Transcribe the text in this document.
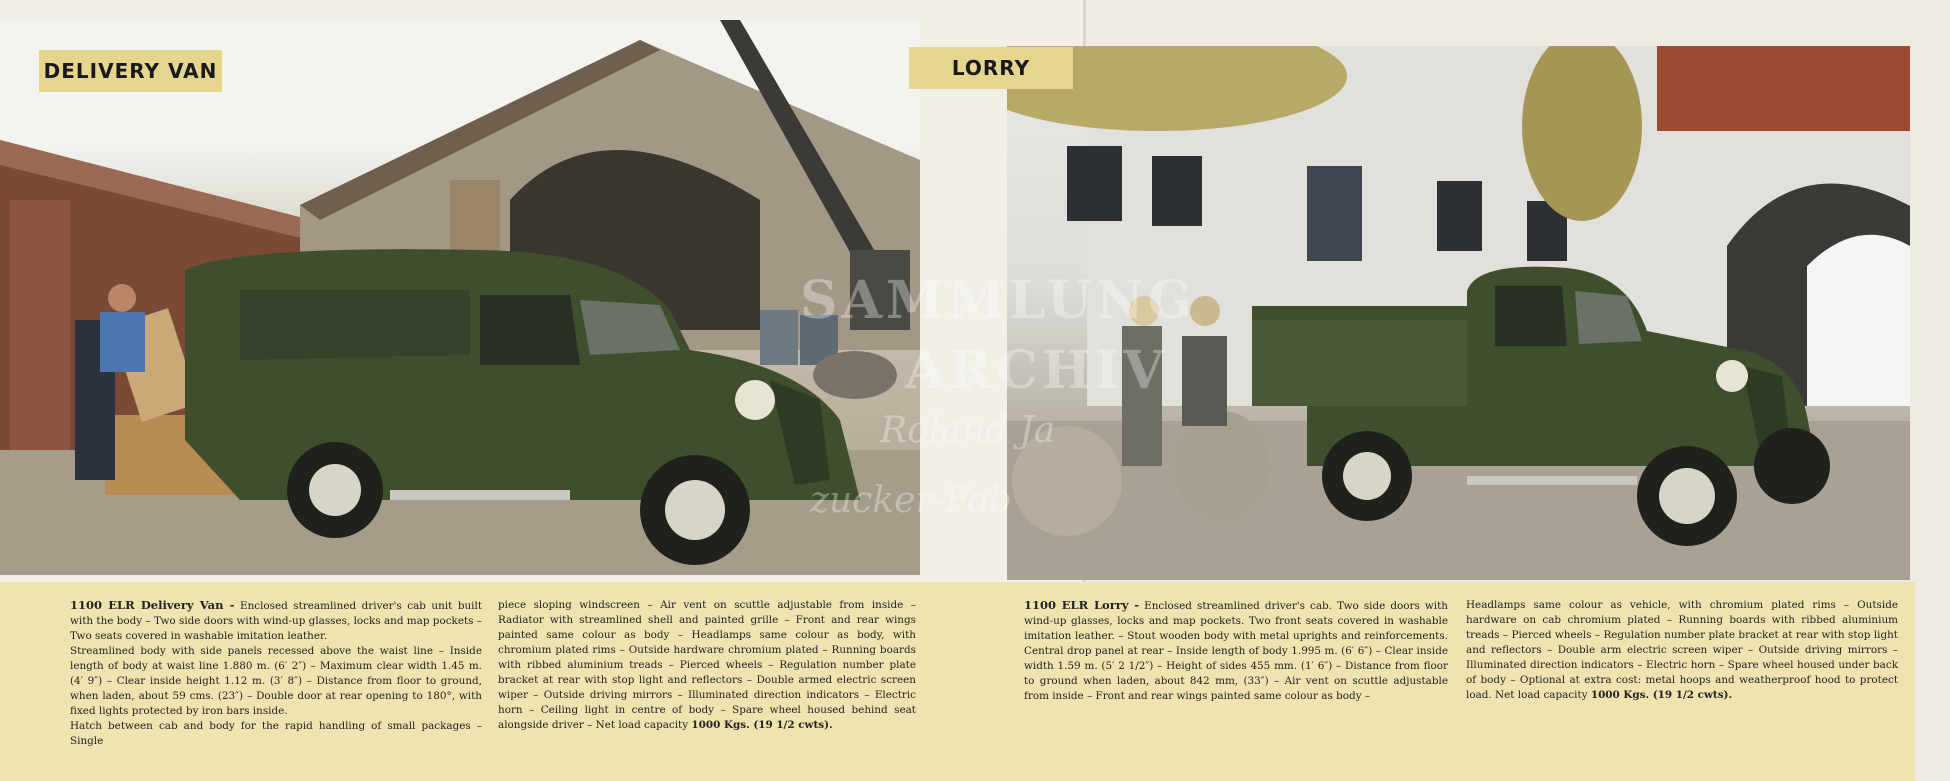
DELIVERY VAN	LORRY
SAMMLUNG
ARCHIV
Roland Ja
zucker-Fab

1100 ELR Delivery Van - Enclosed streamlined driver's cab unit built with the body – Two side doors with wind-up glasses, locks and map pockets – Two seats covered in washable imitation leather.

Streamlined body with side panels recessed above the waist line – Inside length of body at waist line 1.880 m. (6′ 2″) – Maximum clear width 1.45 m. (4′ 9″) – Clear inside height 1.12 m. (3′ 8″) – Distance from floor to ground, when laden, about 59 cms. (23″) – Double door at rear opening to 180°, with fixed lights protected by iron bars inside.

Hatch between cab and body for the rapid handling of small packages – Single

piece sloping windscreen – Air vent on scuttle adjustable from inside – Radiator with streamlined shell and painted grille – Front and rear wings painted same colour as body – Headlamps same colour as body, with chromium plated rims – Outside hardware chromium plated – Running boards with ribbed aluminium treads – Pierced wheels – Regulation number plate bracket at rear with stop light and reflectors – Double armed electric screen wiper – Outside driving mirrors – Illuminated direction indicators – Electric horn – Ceiling light in centre of body – Spare wheel housed behind seat alongside driver – Net load capacity 1000 Kgs. (19 1/2 cwts).

1100 ELR Lorry - Enclosed streamlined driver's cab. Two side doors with wind-up glasses, locks and map pockets. Two front seats covered in washable imitation leather. – Stout wooden body with metal uprights and reinforcements. Central drop panel at rear – Inside length of body 1.995 m. (6′ 6″) – Clear inside width 1.59 m. (5′ 2 1/2″) – Height of sides 455 mm. (1′ 6″) – Distance from floor to ground when laden, about 842 mm, (33″) – Air vent on scuttle adjustable from inside – Front and rear wings painted same colour as body –

Headlamps same colour as vehicle, with chromium plated rims – Outside hardware on cab chromium plated – Running boards with ribbed aluminium treads – Pierced wheels – Regulation number plate bracket at rear with stop light and reflectors – Double arm electric screen wiper – Outside driving mirrors – Illuminated direction indicators – Electric horn – Spare wheel housed under back of body – Optional at extra cost: metal hoops and weatherproof hood to protect load. Net load capacity 1000 Kgs. (19 1/2 cwts).
